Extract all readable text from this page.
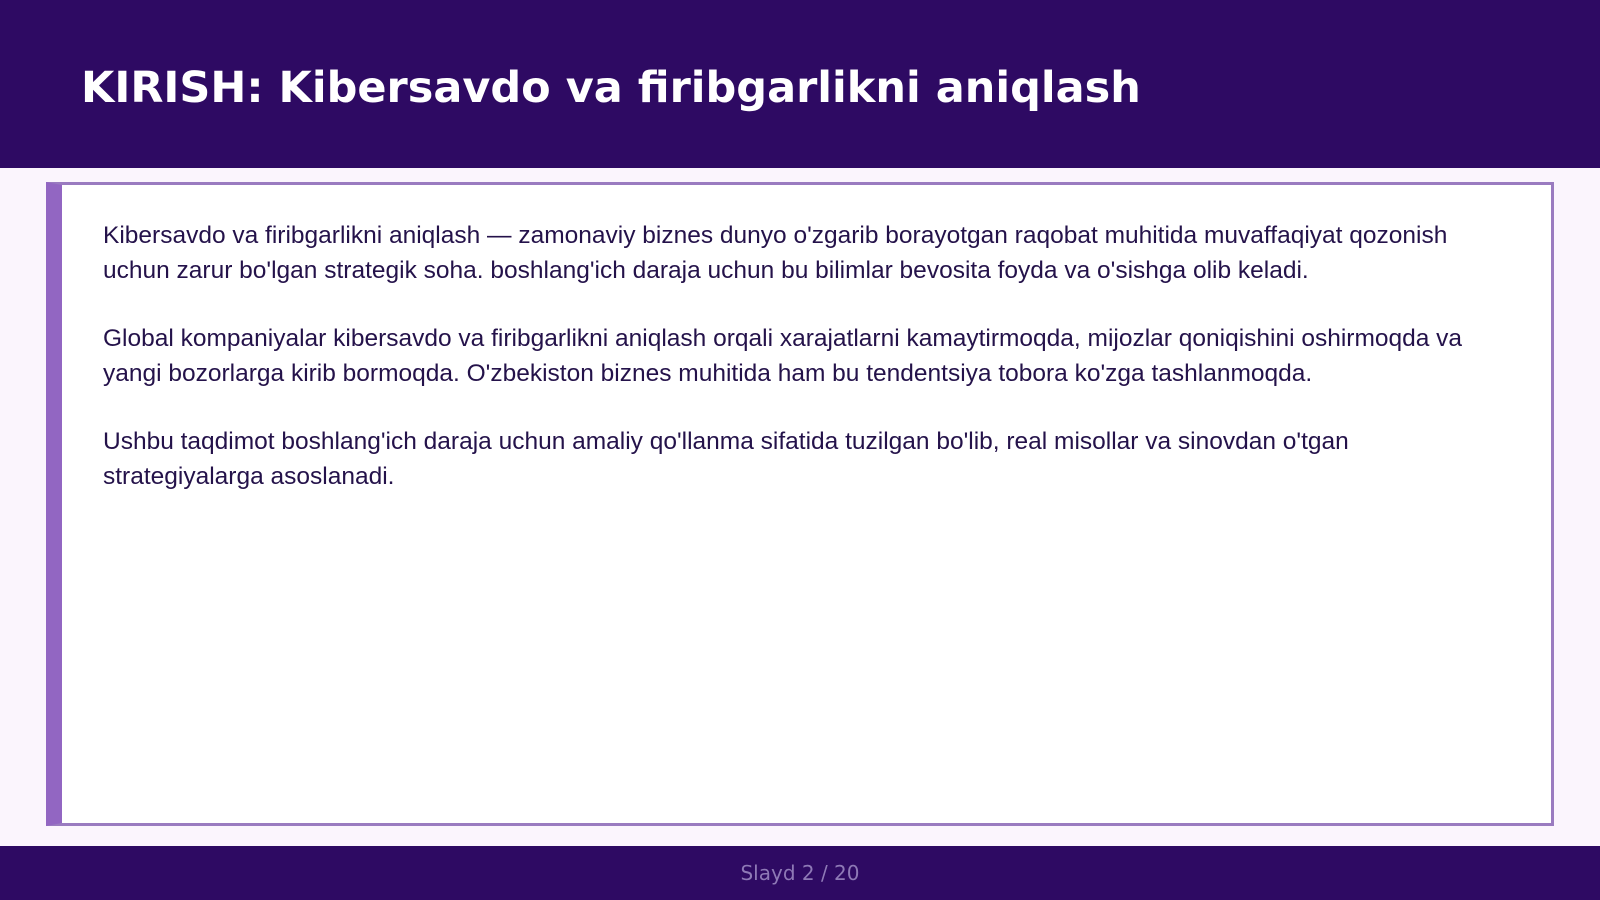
KIRISH: Kibersavdo va firibgarlikni aniqlash

Kibersavdo va firibgarlikni aniqlash — zamonaviy biznes dunyo o'zgarib borayotgan raqobat muhitida muvaffaqiyat qozonish uchun zarur bo'lgan strategik soha. boshlang'ich daraja uchun bu bilimlar bevosita foyda va o'sishga olib keladi.

Global kompaniyalar kibersavdo va firibgarlikni aniqlash orqali xarajatlarni kamaytirmoqda, mijozlar qoniqishini oshirmoqda va yangi bozorlarga kirib bormoqda. O'zbekiston biznes muhitida ham bu tendentsiya tobora ko'zga tashlanmoqda.

Ushbu taqdimot boshlang'ich daraja uchun amaliy qo'llanma sifatida tuzilgan bo'lib, real misollar va sinovdan o'tgan strategiyalarga asoslanadi.

Slayd 2 / 20
